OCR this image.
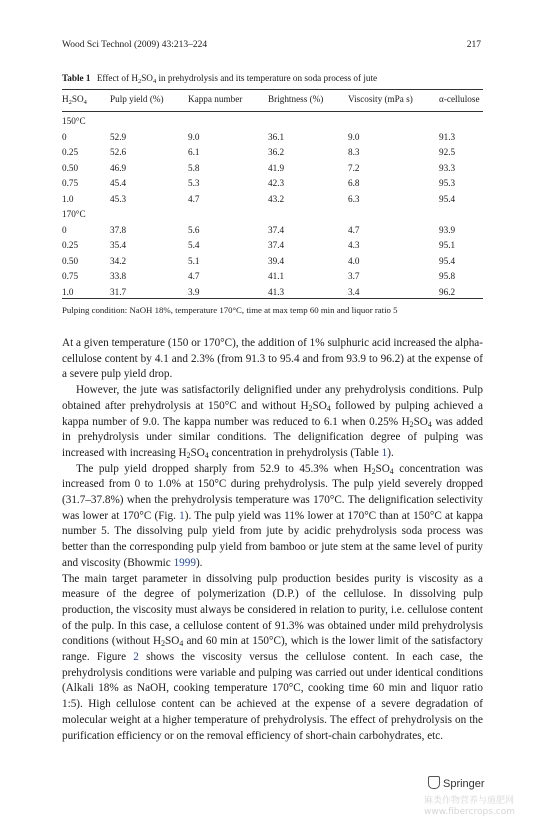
Wood Sci Technol (2009) 43:213–224	217
Table 1 Effect of $H_2SO_4$ in prehydrolysis and its temperature on soda process of jute
$H_2SO_4$	Pulp yield (%)	Kappa number	Brightness (%)	Viscosity (mPa s)	α-cellulose
150°C
0	52.9	9.0	36.1	9.0	91.3
0.25	52.6	6.1	36.2	8.3	92.5
0.50	46.9	5.8	41.9	7.2	93.3
0.75	45.4	5.3	42.3	6.8	95.3
1.0	45.3	4.7	43.2	6.3	95.4
170°C
0	37.8	5.6	37.4	4.7	93.9
0.25	35.4	5.4	37.4	4.3	95.1
0.50	34.2	5.1	39.4	4.0	95.4
0.75	33.8	4.7	41.1	3.7	95.8
1.0	31.7	3.9	41.3	3.4	96.2
Pulping condition: NaOH 18%, temperature 170°C, time at max temp 60 min and liquor ratio 5

At a given temperature (150 or 170°C), the addition of 1% sulphuric acid increased the alpha-cellulose content by 4.1 and 2.3% (from 91.3 to 95.4 and from 93.9 to 96.2) at the expense of a severe pulp yield drop.

However, the jute was satisfactorily delignified under any prehydrolysis conditions. Pulp obtained after prehydrolysis at 150°C and without $H_2SO_4$ followed by pulping achieved a kappa number of 9.0. The kappa number was reduced to 6.1 when 0.25% $H_2SO_4$ was added in prehydrolysis under similar conditions. The delignification degree of pulping was increased with increasing $H_2SO_4$ concentration in prehydrolysis (Table 1).

The pulp yield dropped sharply from 52.9 to 45.3% when $H_2SO_4$ concentration was increased from 0 to 1.0% at 150°C during prehydrolysis. The pulp yield severely dropped (31.7–37.8%) when the prehydrolysis temperature was 170°C. The delignification selectivity was lower at 170°C (Fig. 1). The pulp yield was 11% lower at 170°C than at 150°C at kappa number 5. The dissolving pulp yield from jute by acidic prehydrolysis soda process was better than the corresponding pulp yield from bamboo or jute stem at the same level of purity and viscosity (Bhowmic 1999).

The main target parameter in dissolving pulp production besides purity is viscosity as a measure of the degree of polymerization (D.P.) of the cellulose. In dissolving pulp production, the viscosity must always be considered in relation to purity, i.e. cellulose content of the pulp. In this case, a cellulose content of 91.3% was obtained under mild prehydrolysis conditions (without $H_2SO_4$ and 60 min at 150°C), which is the lower limit of the satisfactory range. Figure 2 shows the viscosity versus the cellulose content. In each case, the prehydrolysis conditions were variable and pulping was carried out under identical conditions (Alkali 18% as NaOH, cooking temperature 170°C, cooking time 60 min and liquor ratio 1:5). High cellulose content can be achieved at the expense of a severe degradation of molecular weight at a higher temperature of prehydrolysis. The effect of prehydrolysis on the purification efficiency or on the removal efficiency of short-chain carbohydrates, etc.

Springer
麻类作物营养与施肥网
www.fibercrops.com
